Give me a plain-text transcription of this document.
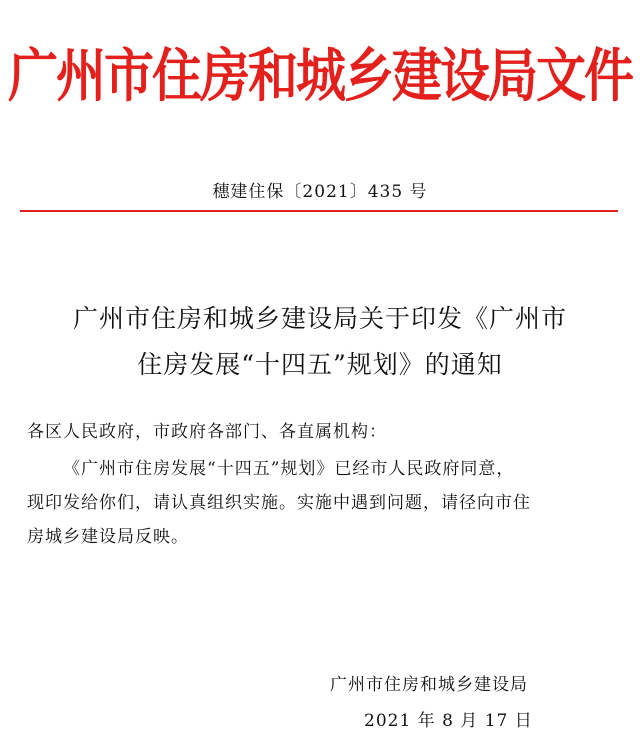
广州市住房和城乡建设局文件
穗建住保〔2021〕435 号
广州市住房和城乡建设局关于印发《广州市
住房发展“十四五”规划》的通知
各区人民政府，市政府各部门、各直属机构：
《广州市住房发展“十四五”规划》已经市人民政府同意，
现印发给你们，请认真组织实施。实施中遇到问题，请径向市住
房城乡建设局反映。
广州市住房和城乡建设局
2021 年 8 月 17 日
